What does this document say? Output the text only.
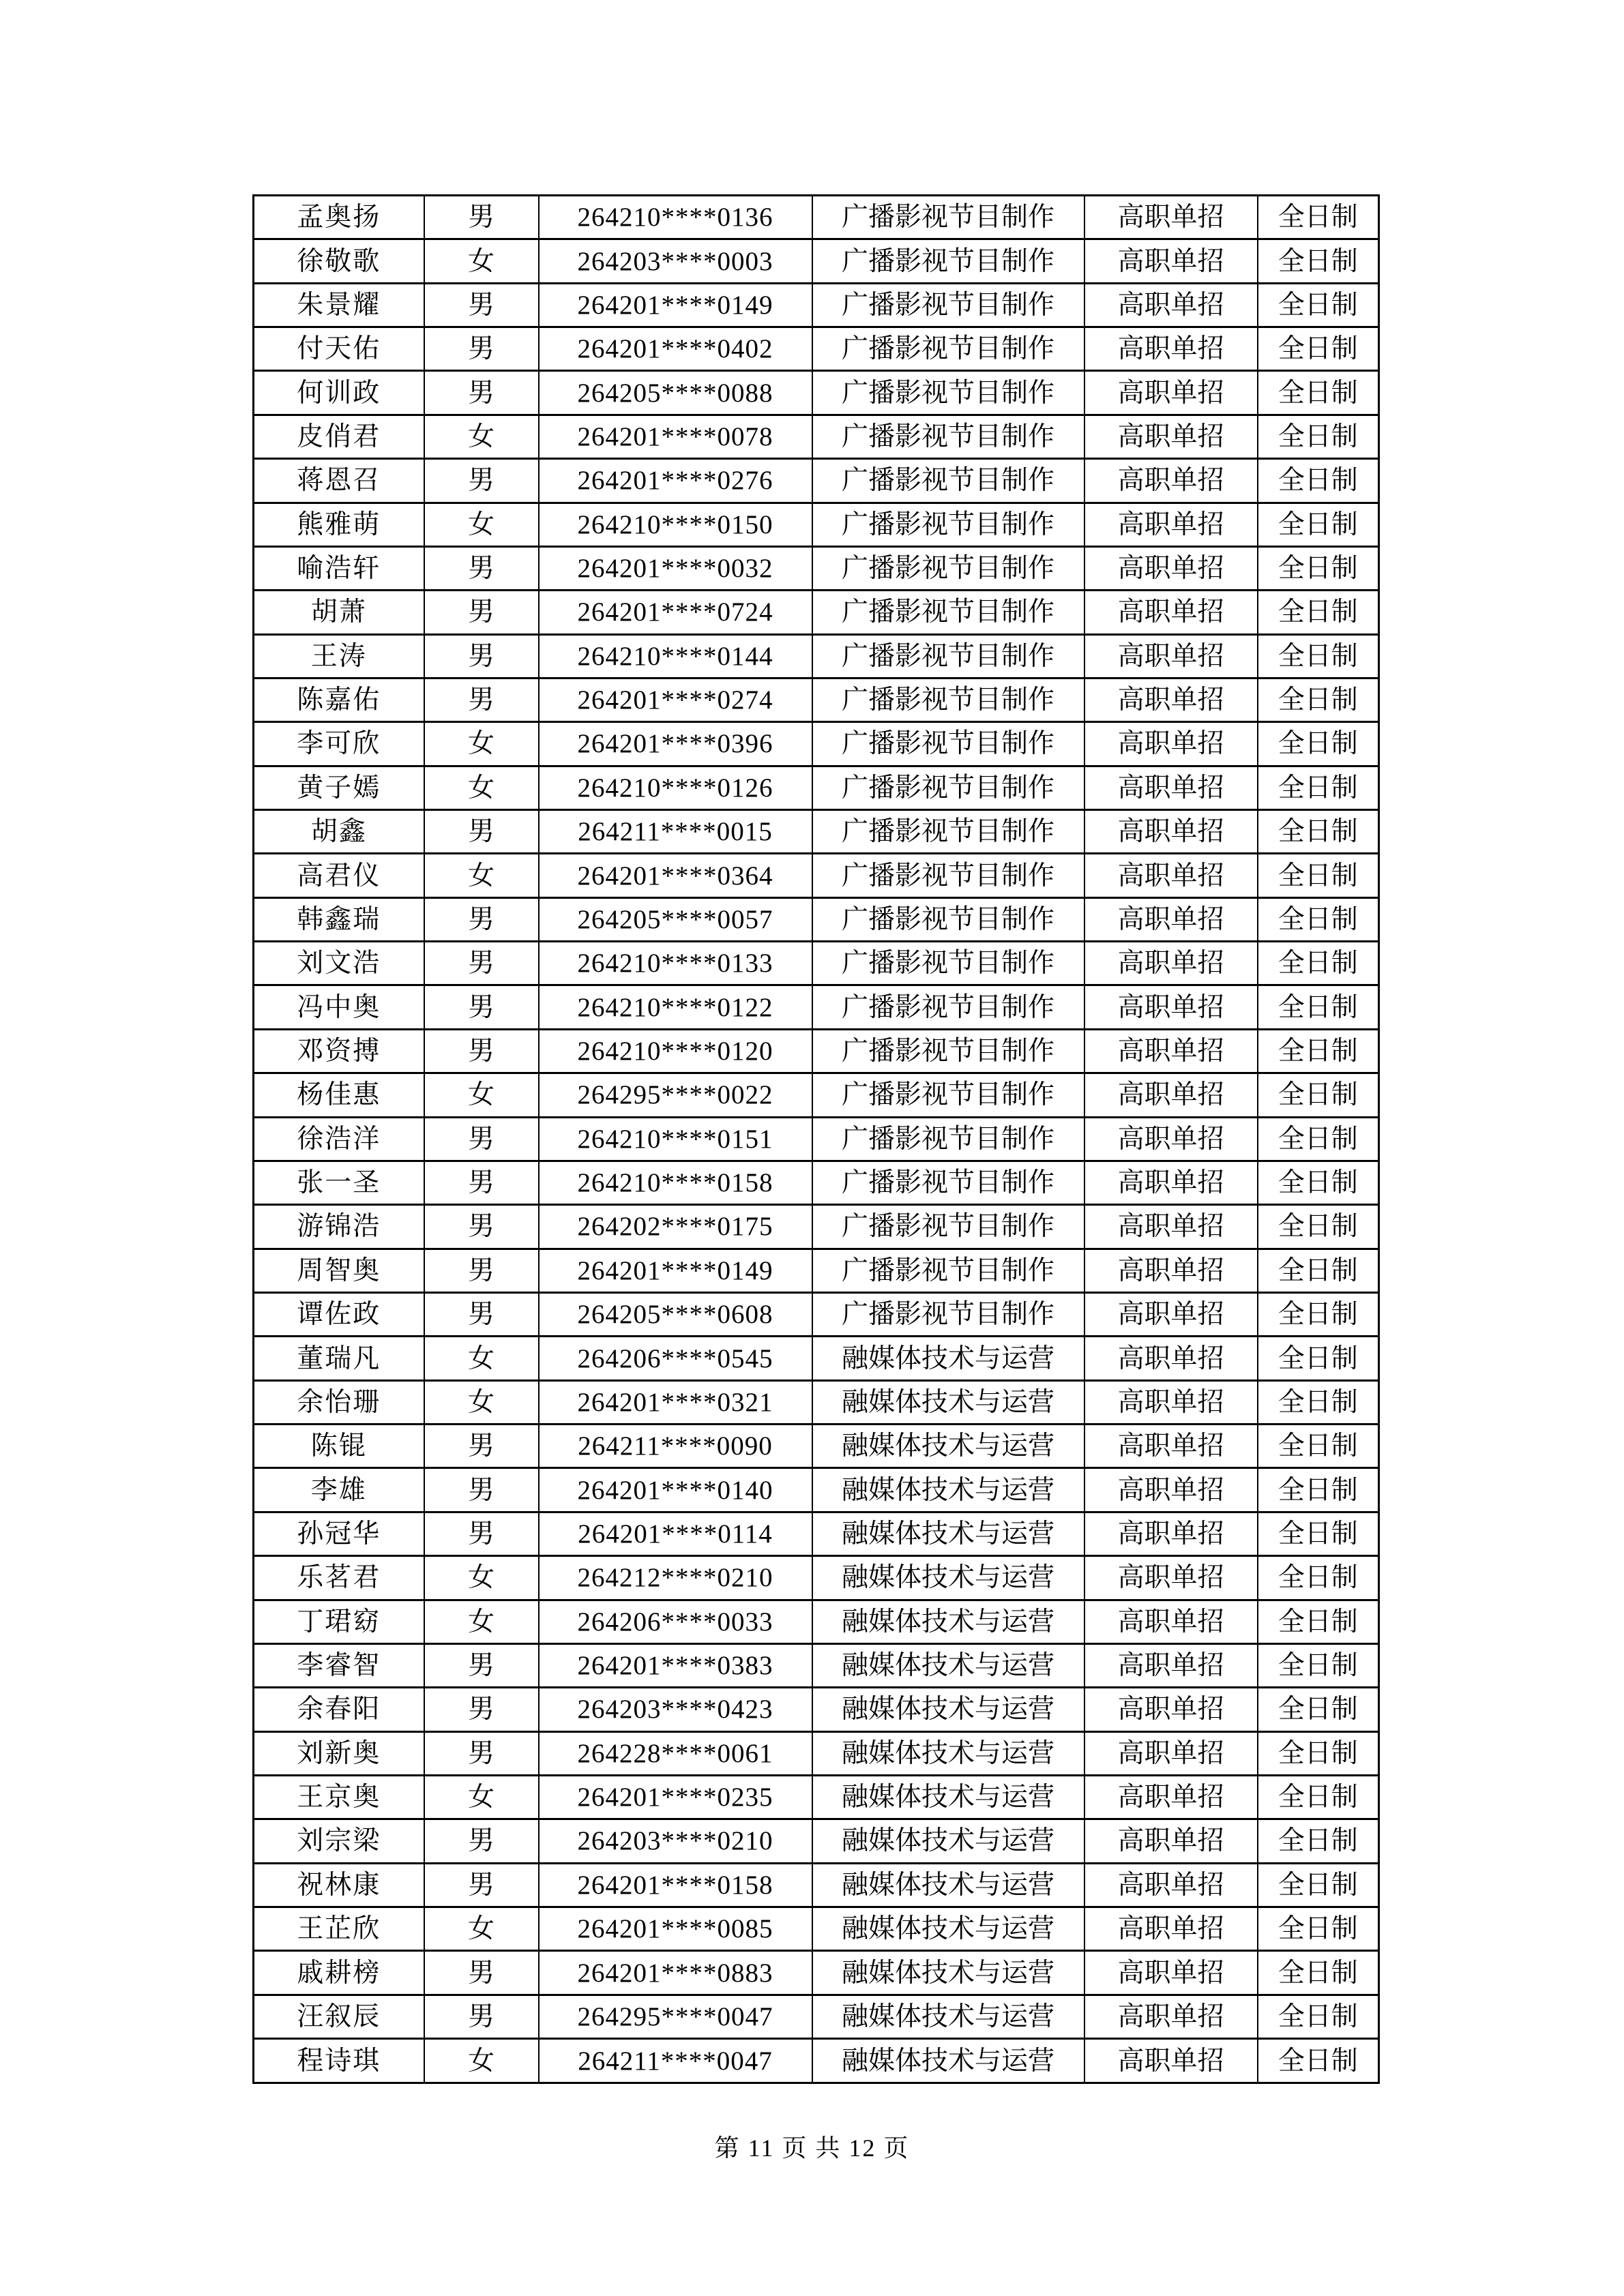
孟奥扬	男	264210****0136	广播影视节目制作	高职单招	全日制
徐敬歌	女	264203****0003	广播影视节目制作	高职单招	全日制
朱景耀	男	264201****0149	广播影视节目制作	高职单招	全日制
付天佑	男	264201****0402	广播影视节目制作	高职单招	全日制
何训政	男	264205****0088	广播影视节目制作	高职单招	全日制
皮俏君	女	264201****0078	广播影视节目制作	高职单招	全日制
蒋恩召	男	264201****0276	广播影视节目制作	高职单招	全日制
熊雅萌	女	264210****0150	广播影视节目制作	高职单招	全日制
喻浩轩	男	264201****0032	广播影视节目制作	高职单招	全日制
胡萧	男	264201****0724	广播影视节目制作	高职单招	全日制
王涛	男	264210****0144	广播影视节目制作	高职单招	全日制
陈嘉佑	男	264201****0274	广播影视节目制作	高职单招	全日制
李可欣	女	264201****0396	广播影视节目制作	高职单招	全日制
黄子嫣	女	264210****0126	广播影视节目制作	高职单招	全日制
胡鑫	男	264211****0015	广播影视节目制作	高职单招	全日制
高君仪	女	264201****0364	广播影视节目制作	高职单招	全日制
韩鑫瑞	男	264205****0057	广播影视节目制作	高职单招	全日制
刘文浩	男	264210****0133	广播影视节目制作	高职单招	全日制
冯中奥	男	264210****0122	广播影视节目制作	高职单招	全日制
邓资搏	男	264210****0120	广播影视节目制作	高职单招	全日制
杨佳惠	女	264295****0022	广播影视节目制作	高职单招	全日制
徐浩洋	男	264210****0151	广播影视节目制作	高职单招	全日制
张一圣	男	264210****0158	广播影视节目制作	高职单招	全日制
游锦浩	男	264202****0175	广播影视节目制作	高职单招	全日制
周智奥	男	264201****0149	广播影视节目制作	高职单招	全日制
谭佐政	男	264205****0608	广播影视节目制作	高职单招	全日制
董瑞凡	女	264206****0545	融媒体技术与运营	高职单招	全日制
余怡珊	女	264201****0321	融媒体技术与运营	高职单招	全日制
陈锟	男	264211****0090	融媒体技术与运营	高职单招	全日制
李雄	男	264201****0140	融媒体技术与运营	高职单招	全日制
孙冠华	男	264201****0114	融媒体技术与运营	高职单招	全日制
乐茗君	女	264212****0210	融媒体技术与运营	高职单招	全日制
丁珺窈	女	264206****0033	融媒体技术与运营	高职单招	全日制
李睿智	男	264201****0383	融媒体技术与运营	高职单招	全日制
余春阳	男	264203****0423	融媒体技术与运营	高职单招	全日制
刘新奥	男	264228****0061	融媒体技术与运营	高职单招	全日制
王京奥	女	264201****0235	融媒体技术与运营	高职单招	全日制
刘宗梁	男	264203****0210	融媒体技术与运营	高职单招	全日制
祝林康	男	264201****0158	融媒体技术与运营	高职单招	全日制
王芷欣	女	264201****0085	融媒体技术与运营	高职单招	全日制
戚耕榜	男	264201****0883	融媒体技术与运营	高职单招	全日制
汪叙辰	男	264295****0047	融媒体技术与运营	高职单招	全日制
程诗琪	女	264211****0047	融媒体技术与运营	高职单招	全日制
第 11 页 共 12 页
